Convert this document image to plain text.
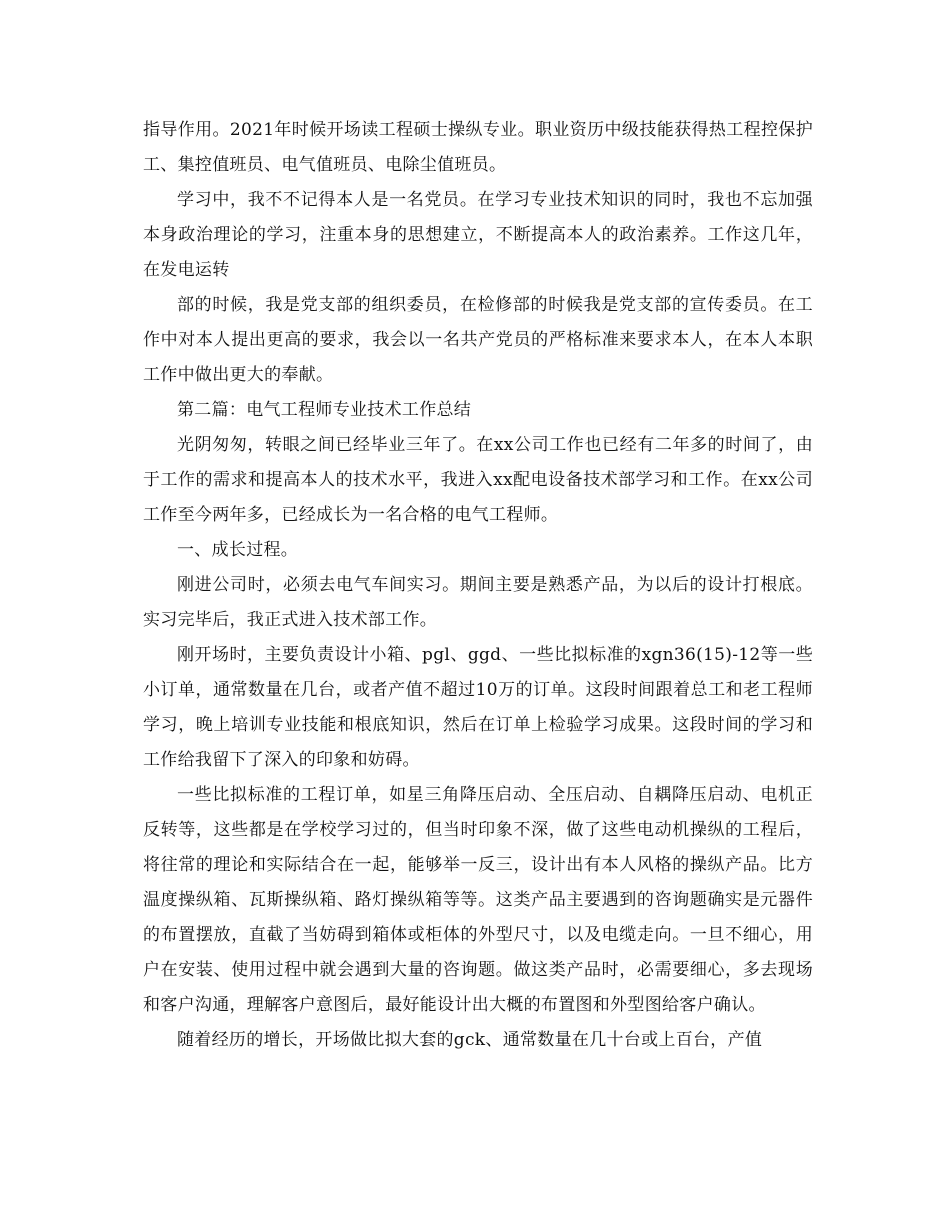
指导作用。2021年时候开场读工程硕士操纵专业。职业资历中级技能获得热工程控保护工、集控值班员、电气值班员、电除尘值班员。

学习中，我不不记得本人是一名党员。在学习专业技术知识的同时，我也不忘加强本身政治理论的学习，注重本身的思想建立，不断提高本人的政治素养。工作这几年，在发电运转

部的时候，我是党支部的组织委员，在检修部的时候我是党支部的宣传委员。在工作中对本人提出更高的要求，我会以一名共产党员的严格标准来要求本人，在本人本职工作中做出更大的奉献。

第二篇：电气工程师专业技术工作总结

光阴匆匆，转眼之间已经毕业三年了。在xx公司工作也已经有二年多的时间了，由于工作的需求和提高本人的技术水平，我进入xx配电设备技术部学习和工作。在xx公司工作至今两年多，已经成长为一名合格的电气工程师。

一、成长过程。

刚进公司时，必须去电气车间实习。期间主要是熟悉产品，为以后的设计打根底。实习完毕后，我正式进入技术部工作。

刚开场时，主要负责设计小箱、pgl、ggd、一些比拟标准的xgn36(15)-12等一些小订单，通常数量在几台，或者产值不超过10万的订单。这段时间跟着总工和老工程师学习，晚上培训专业技能和根底知识，然后在订单上检验学习成果。这段时间的学习和工作给我留下了深入的印象和妨碍。

一些比拟标准的工程订单，如星三角降压启动、全压启动、自耦降压启动、电机正反转等，这些都是在学校学习过的，但当时印象不深，做了这些电动机操纵的工程后，将往常的理论和实际结合在一起，能够举一反三，设计出有本人风格的操纵产品。比方温度操纵箱、瓦斯操纵箱、路灯操纵箱等等。这类产品主要遇到的咨询题确实是元器件的布置摆放，直截了当妨碍到箱体或柜体的外型尺寸，以及电缆走向。一旦不细心，用户在安装、使用过程中就会遇到大量的咨询题。做这类产品时，必需要细心，多去现场和客户沟通，理解客户意图后，最好能设计出大概的布置图和外型图给客户确认。

随着经历的增长，开场做比拟大套的gck、通常数量在几十台或上百台，产值
